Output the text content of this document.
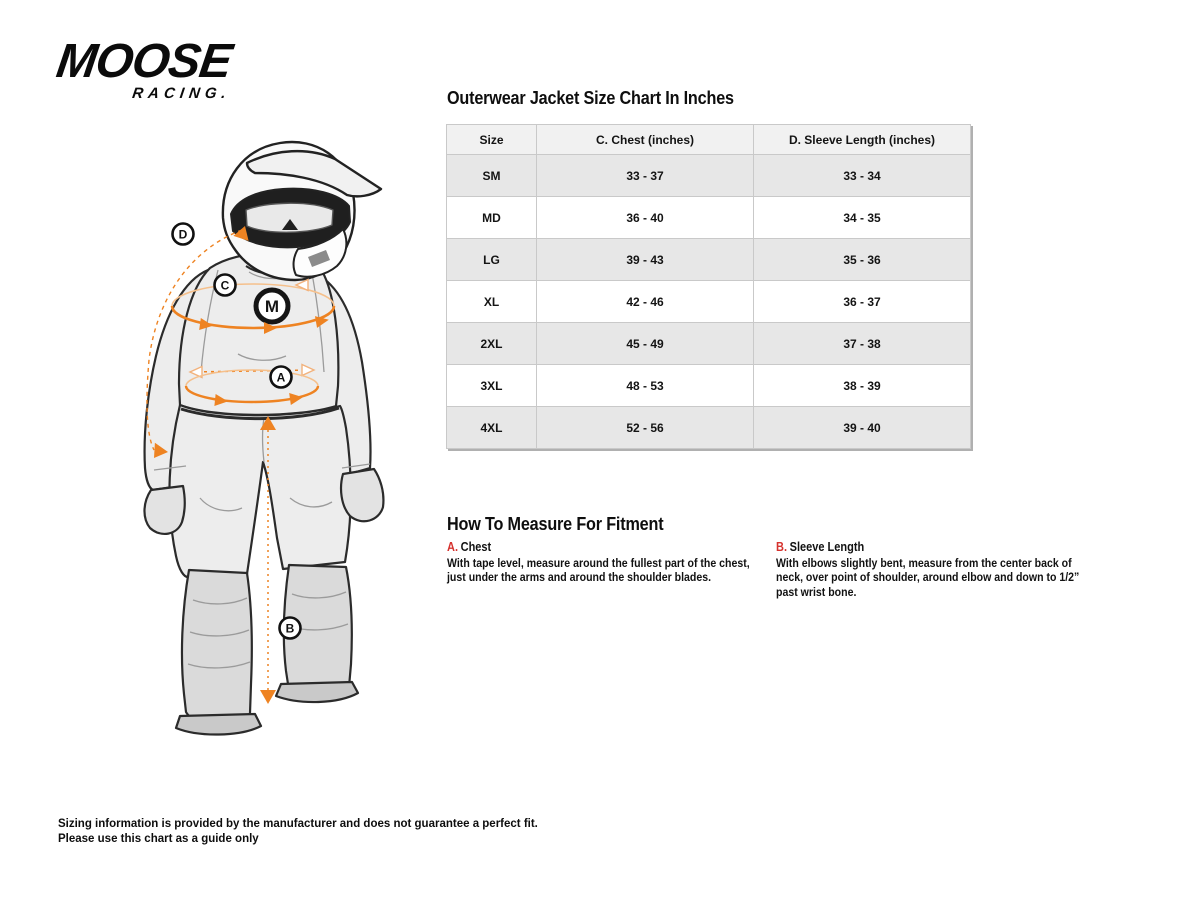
MOOSE
RACING.
M
D
C
A
B
Outerwear Jacket Size Chart In Inches
Size	C. Chest (inches)	D. Sleeve Length (inches)
SM	33 - 37	33 - 34
MD	36 - 40	34 - 35
LG	39 - 43	35 - 36
XL	42 - 46	36 - 37
2XL	45 - 49	37 - 38
3XL	48 - 53	38 - 39
4XL	52 - 56	39 - 40
How To Measure For Fitment
A. Chest
With tape level, measure around the fullest part of the chest, just under the arms and around the shoulder blades.
B. Sleeve Length
With elbows slightly bent, measure from the center back of neck, over point of shoulder, around elbow and down to 1/2” past wrist bone.
Sizing information is provided by the manufacturer and does not guarantee a perfect fit.
Please use this chart as a guide only
